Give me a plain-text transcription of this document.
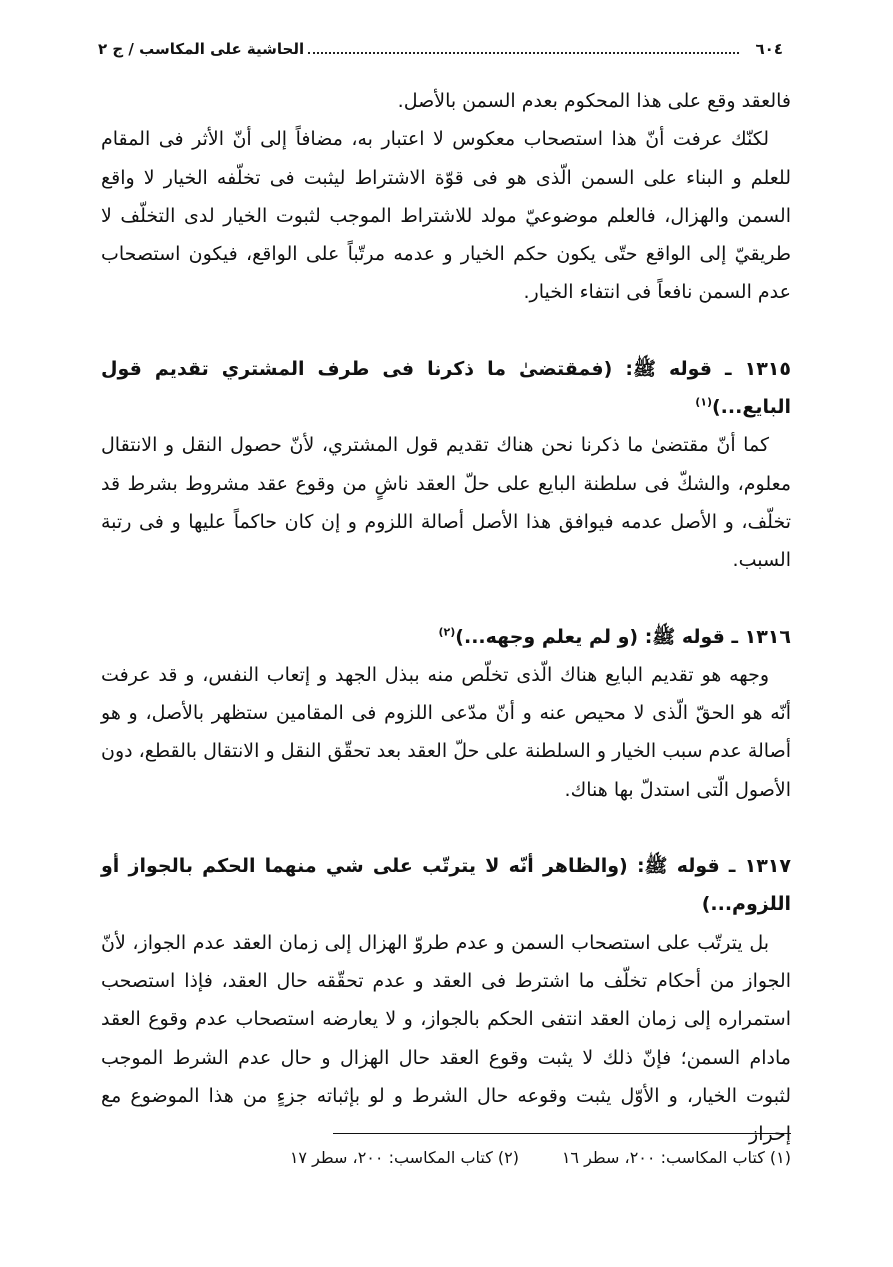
٦٠٤
الحاشية على المكاسب / ج ٢

فالعقد وقع على هذا المحكوم بعدم السمن بالأصل.

لكنّك عرفت أنّ هذا استصحاب معكوس لا اعتبار به، مضافاً إلى أنّ الأثر فى المقام للعلم و البناء على السمن الّذى هو فى قوّة الاشتراط ليثبت فى تخلّفه الخيار لا واقع السمن والهزال، فالعلم موضوعيّ مولد للاشتراط الموجب لثبوت الخيار لدى التخلّف لا طريقيّ إلى الواقع حتّى يكون حكم الخيار و عدمه مرتّباً على الواقع، فيكون استصحاب عدم السمن نافعاً فى انتفاء الخيار.

١٣١٥ ـ قوله ﷺ: (فمقتضىٰ ما ذكرنا فى طرف المشتري تقديم قول البايع...)$^{(١)}$

كما أنّ مقتضىٰ ما ذكرنا نحن هناك تقديم قول المشتري، لأنّ حصول النقل و الانتقال معلوم، والشكّ فى سلطنة البايع على حلّ العقد ناشٍ من وقوع عقد مشروط بشرط قد تخلّف، و الأصل عدمه فيوافق هذا الأصل أصالة اللزوم و إن كان حاكماً عليها و فى رتبة السبب.

١٣١٦ ـ قوله ﷺ: (و لم يعلم وجهه...)$^{(٢)}$

وجهه هو تقديم البايع هناك الّذى تخلّص منه ببذل الجهد و إتعاب النفس، و قد عرفت أنّه هو الحقّ الّذى لا محيص عنه و أنّ مدّعى اللزوم فى المقامين ستظهر بالأصل، و هو أصالة عدم سبب الخيار و السلطنة على حلّ العقد بعد تحقّق النقل و الانتقال بالقطع، دون الأصول الّتى استدلّ بها هناك.

١٣١٧ ـ قوله ﷺ: (والظاهر أنّه لا يترتّب على شي منهما الحكم بالجواز أو اللزوم...)

بل يترتّب على استصحاب السمن و عدم طروّ الهزال إلى زمان العقد عدم الجواز، لأنّ الجواز من أحكام تخلّف ما اشترط فى العقد و عدم تحقّقه حال العقد، فإذا استصحب استمراره إلى زمان العقد انتفى الحكم بالجواز، و لا يعارضه استصحاب عدم وقوع العقد مادام السمن؛ فإنّ ذلك لا يثبت وقوع العقد حال الهزال و حال عدم الشرط الموجب لثبوت الخيار، و الأوّل يثبت وقوعه حال الشرط و لو بإثباته جزءٍ من هذا الموضوع مع إحراز

(١) كتاب المكاسب: ٢٠٠، سطر ١٦
(٢) كتاب المكاسب: ٢٠٠، سطر ١٧
